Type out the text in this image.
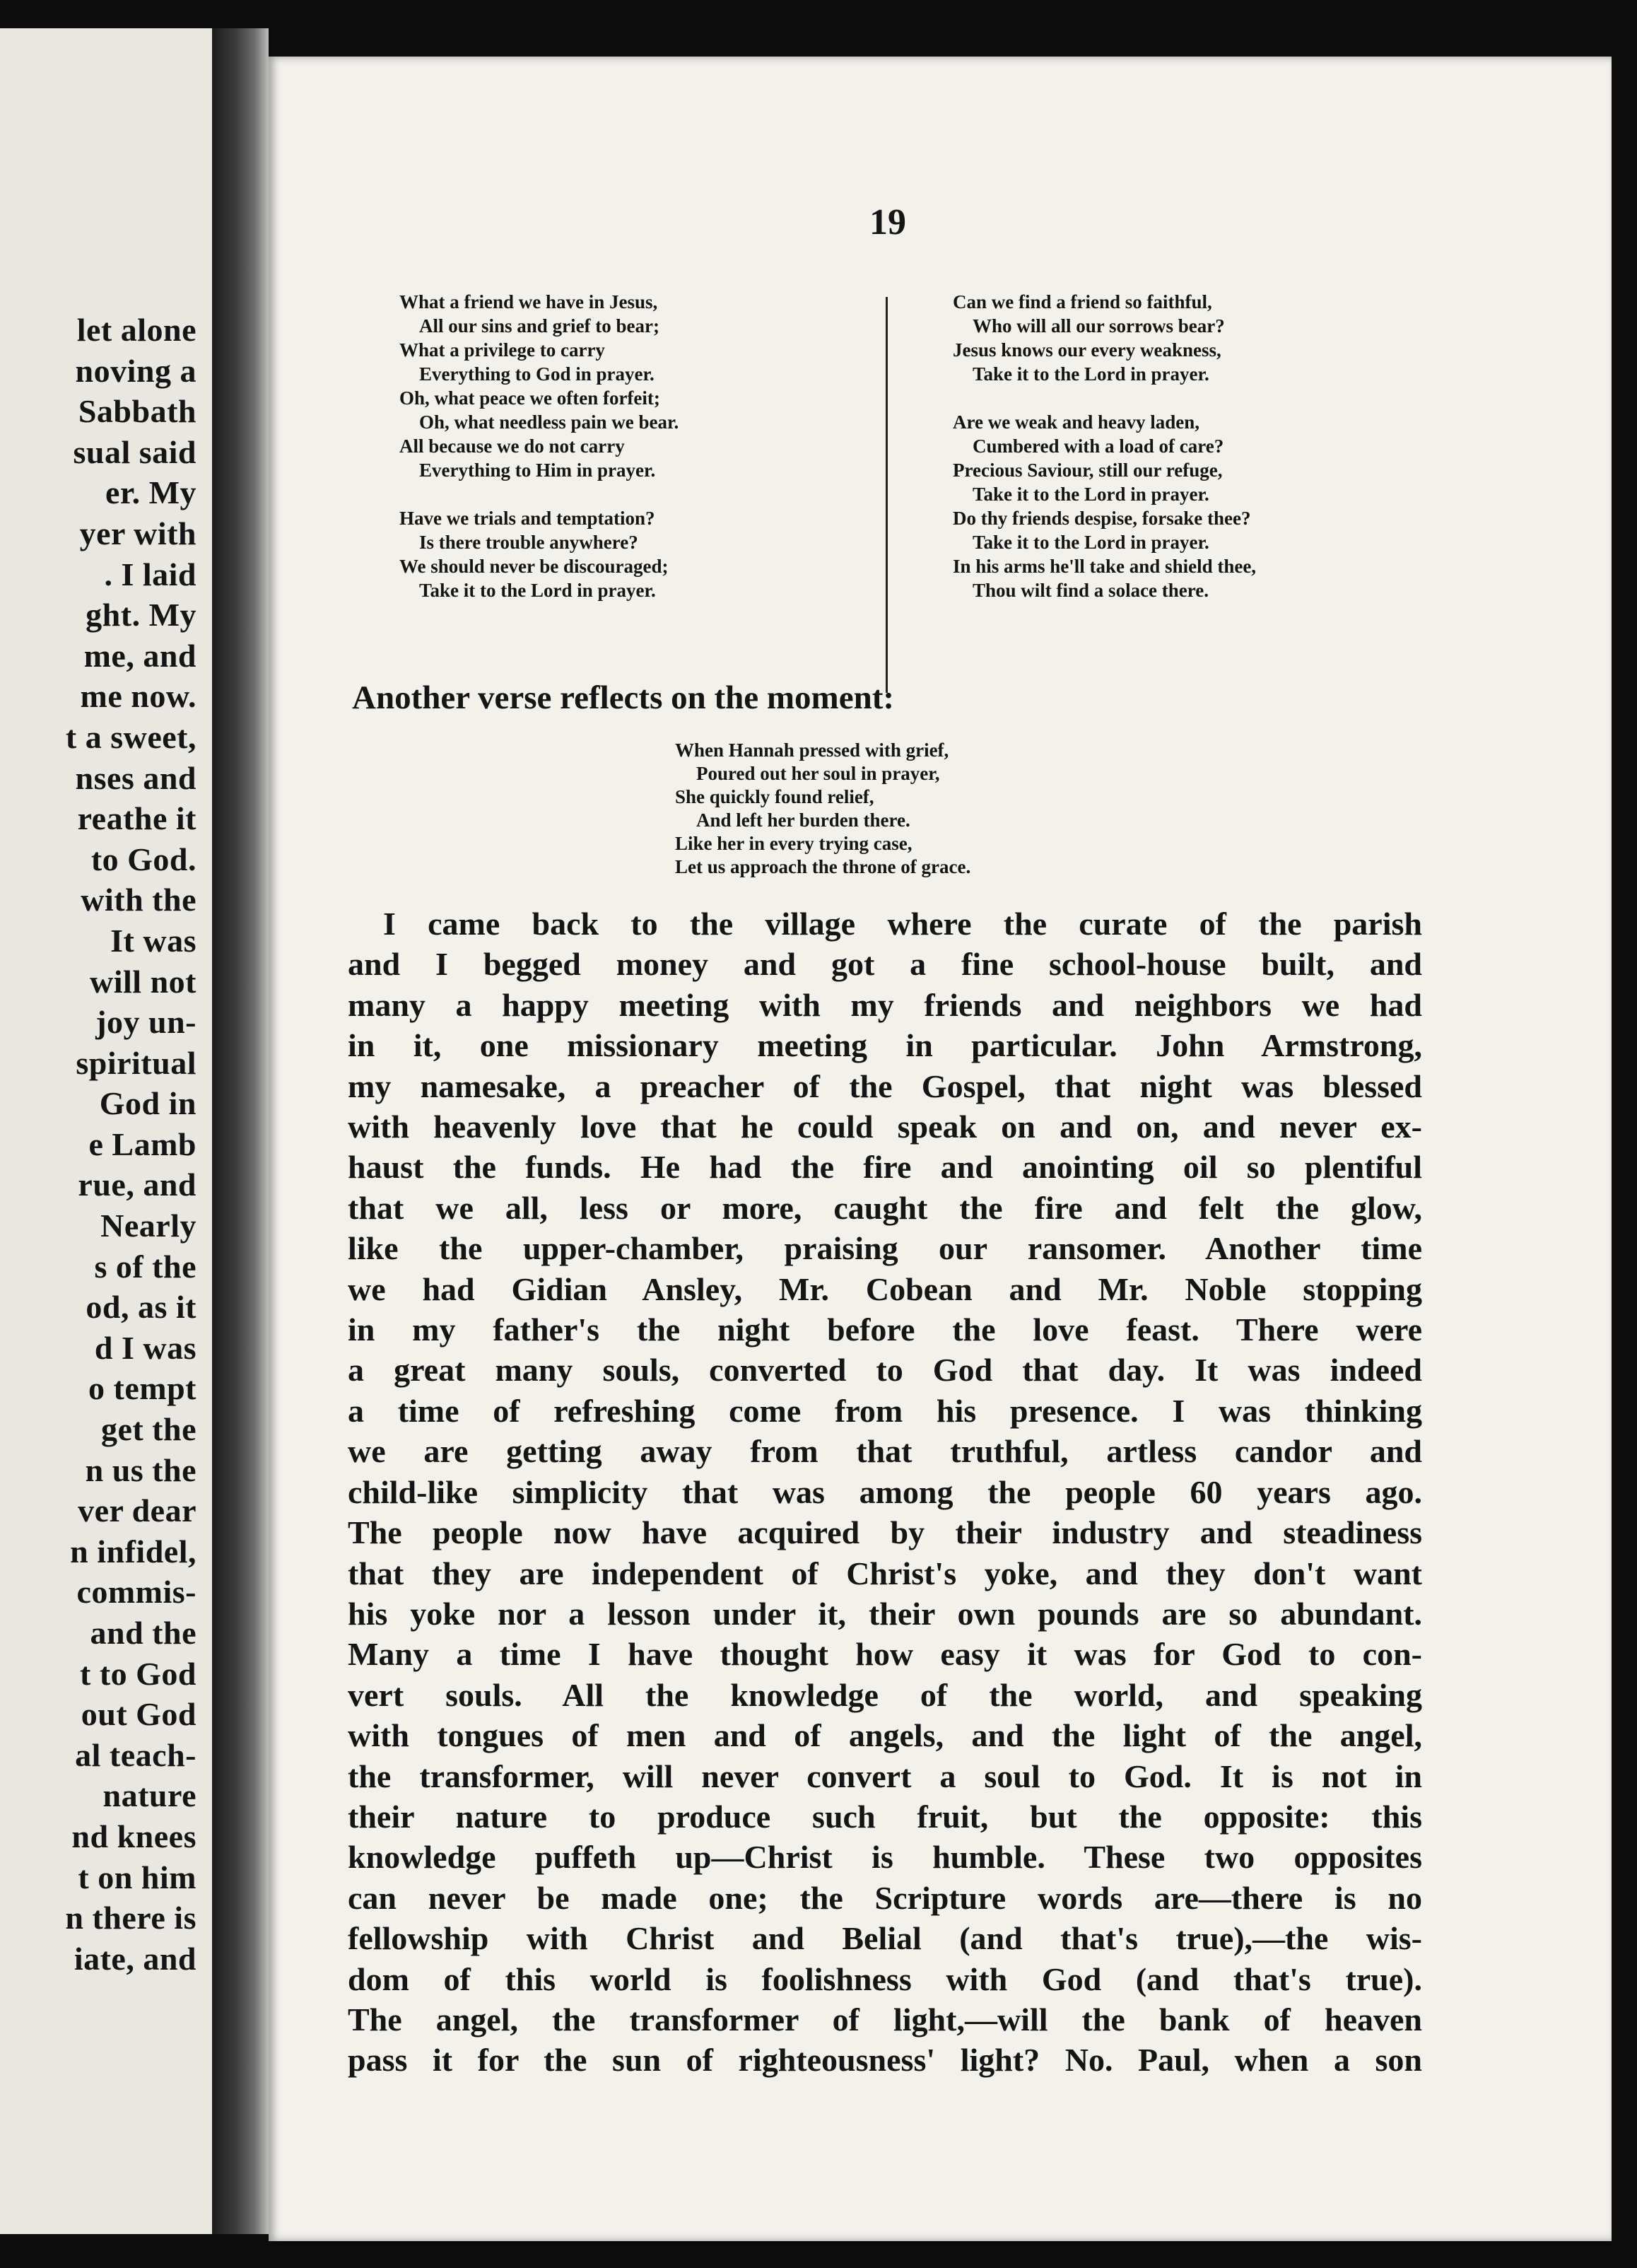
let alone
noving a
Sabbath
sual said
er. My
yer with
. I laid
ght. My
me, and
me now.
t a sweet,
nses and
reathe it
to God.
with the
It was
will not
joy un-
spiritual
God in
e Lamb
rue, and
Nearly
s of the
od, as it
d I was
o tempt
get the
n us the
ver dear
n infidel,
commis-
and the
t to God
out God
al teach-
nature
nd knees
t on him
n there is
iate, and
19
What a friend we have in Jesus,
All our sins and grief to bear;
What a privilege to carry
Everything to God in prayer.
Oh, what peace we often forfeit;
Oh, what needless pain we bear.
All because we do not carry
Everything to Him in prayer.
Have we trials and temptation?
Is there trouble anywhere?
We should never be discouraged;
Take it to the Lord in prayer.
Can we find a friend so faithful,
Who will all our sorrows bear?
Jesus knows our every weakness,
Take it to the Lord in prayer.
Are we weak and heavy laden,
Cumbered with a load of care?
Precious Saviour, still our refuge,
Take it to the Lord in prayer.
Do thy friends despise, forsake thee?
Take it to the Lord in prayer.
In his arms he'll take and shield thee,
Thou wilt find a solace there.
Another verse reflects on the moment:
When Hannah pressed with grief,
Poured out her soul in prayer,
She quickly found relief,
And left her burden there.
Like her in every trying case,
Let us approach the throne of grace.
I came back to the village where the curate of the parish
and I begged money and got a fine school-house built, and
many a happy meeting with my friends and neighbors we had
in it, one missionary meeting in particular. John Armstrong,
my namesake, a preacher of the Gospel, that night was blessed
with heavenly love that he could speak on and on, and never ex-
haust the funds. He had the fire and anointing oil so plentiful
that we all, less or more, caught the fire and felt the glow,
like the upper-chamber, praising our ransomer. Another time
we had Gidian Ansley, Mr. Cobean and Mr. Noble stopping
in my father's the night before the love feast. There were
a great many souls, converted to God that day. It was indeed
a time of refreshing come from his presence. I was thinking
we are getting away from that truthful, artless candor and
child-like simplicity that was among the people 60 years ago.
The people now have acquired by their industry and steadiness
that they are independent of Christ's yoke, and they don't want
his yoke nor a lesson under it, their own pounds are so abundant.
Many a time I have thought how easy it was for God to con-
vert souls. All the knowledge of the world, and speaking
with tongues of men and of angels, and the light of the angel,
the transformer, will never convert a soul to God. It is not in
their nature to produce such fruit, but the opposite: this
knowledge puffeth up—Christ is humble. These two opposites
can never be made one; the Scripture words are—there is no
fellowship with Christ and Belial (and that's true),—the wis-
dom of this world is foolishness with God (and that's true).
The angel, the transformer of light,—will the bank of heaven
pass it for the sun of righteousness' light? No. Paul, when a son
